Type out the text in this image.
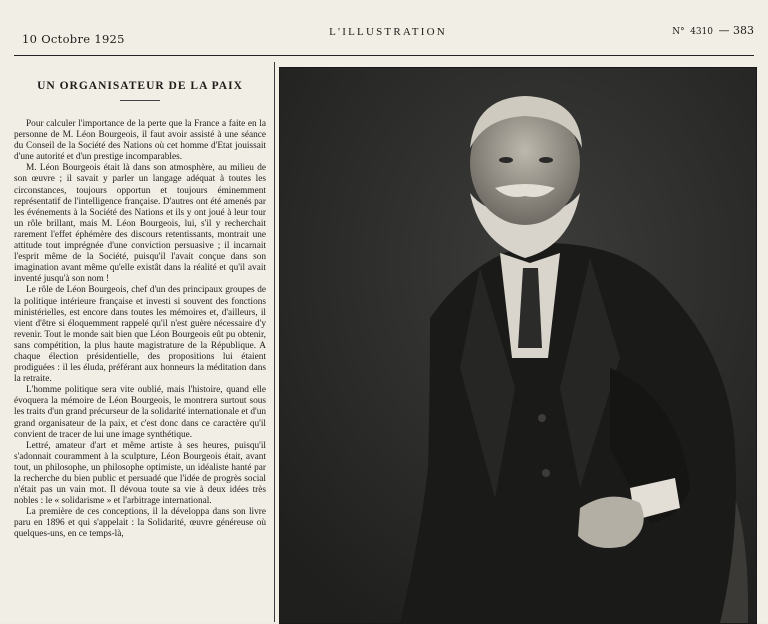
10 Octobre 1925	L'ILLUSTRATION	N° 4310 — 383
UN ORGANISATEUR DE LA PAIX

Pour calculer l'importance de la perte que la France a faite en la personne de M. Léon Bourgeois, il faut avoir assisté à une séance du Conseil de la Société des Nations où cet homme d'Etat jouissait d'une autorité et d'un prestige incomparables.

M. Léon Bourgeois était là dans son atmosphère, au milieu de son œuvre ; il savait y parler un langage adéquat à toutes les circonstances, toujours opportun et toujours éminemment représentatif de l'intelligence française. D'autres ont été amenés par les événements à la Société des Nations et ils y ont joué à leur tour un rôle brillant, mais M. Léon Bourgeois, lui, s'il y recherchait rarement l'effet éphémère des discours retentissants, montrait une attitude tout imprégnée d'une conviction persuasive ; il incarnait l'esprit même de la Société, puisqu'il l'avait conçue dans son imagination avant même qu'elle existât dans la réalité et qu'il avait inventé jusqu'à son nom !

Le rôle de Léon Bourgeois, chef d'un des principaux groupes de la politique intérieure française et investi si souvent des fonctions ministérielles, est encore dans toutes les mémoires et, d'ailleurs, il vient d'être si éloquemment rappelé qu'il n'est guère nécessaire d'y revenir. Tout le monde sait bien que Léon Bourgeois eût pu obtenir, sans compétition, la plus haute magistrature de la République. A chaque élection présidentielle, des propositions lui étaient prodiguées : il les éluda, préférant aux honneurs la méditation dans la retraite.

L'homme politique sera vite oublié, mais l'histoire, quand elle évoquera la mémoire de Léon Bourgeois, le montrera surtout sous les traits d'un grand précurseur de la solidarité internationale et d'un grand organisateur de la paix, et c'est donc dans ce caractère qu'il convient de tracer de lui une image synthétique.

Lettré, amateur d'art et même artiste à ses heures, puisqu'il s'adonnait couramment à la sculpture, Léon Bourgeois était, avant tout, un philosophe, un philosophe optimiste, un idéaliste hanté par la recherche du bien public et persuadé que l'idée de progrès social n'était pas un vain mot. Il dévoua toute sa vie à deux idées très nobles : le « solidarisme » et l'arbitrage international.

La première de ces conceptions, il la développa dans son livre paru en 1896 et qui s'appelait : la Solidarité, œuvre généreuse où quelques-uns, en ce temps-là,
